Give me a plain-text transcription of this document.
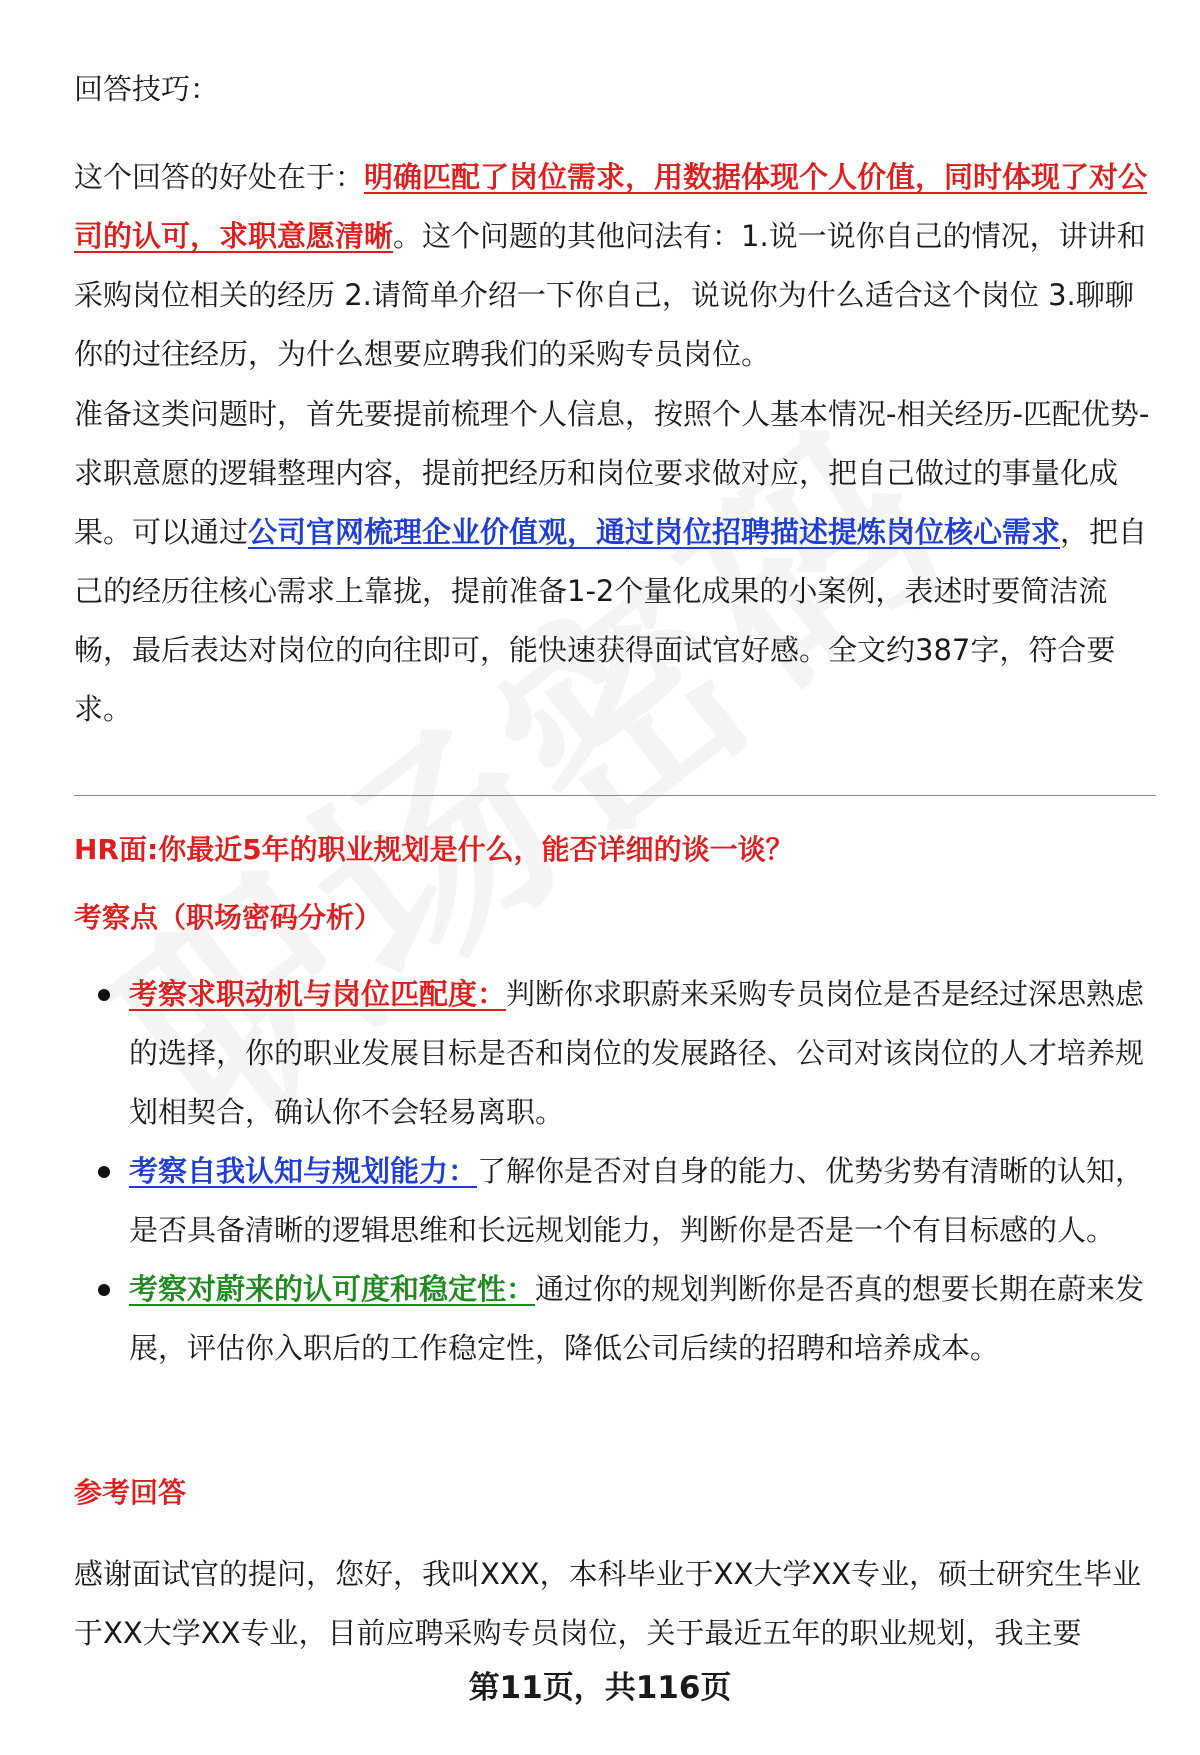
回答技巧：

这个回答的好处在于：明确匹配了岗位需求，用数据体现个人价值，同时体现了对公司的认可，求职意愿清晰。这个问题的其他问法有：1.说一说你自己的情况，讲讲和采购岗位相关的经历 2.请简单介绍一下你自己，说说你为什么适合这个岗位 3.聊聊你的过往经历，为什么想要应聘我们的采购专员岗位。

准备这类问题时，首先要提前梳理个人信息，按照个人基本情况-相关经历-匹配优势-求职意愿的逻辑整理内容，提前把经历和岗位要求做对应，把自己做过的事量化成果。可以通过公司官网梳理企业价值观，通过岗位招聘描述提炼岗位核心需求，把自己的经历往核心需求上靠拢，提前准备1-2个量化成果的小案例，表述时要简洁流畅，最后表达对岗位的向往即可，能快速获得面试官好感。全文约387字，符合要求。

HR面:你最近5年的职业规划是什么，能否详细的谈一谈？

考察点（职场密码分析）

考察求职动机与岗位匹配度：判断你求职蔚来采购专员岗位是否是经过深思熟虑的选择，你的职业发展目标是否和岗位的发展路径、公司对该岗位的人才培养规划相契合，确认你不会轻易离职。
考察自我认知与规划能力：了解你是否对自身的能力、优势劣势有清晰的认知，是否具备清晰的逻辑思维和长远规划能力，判断你是否是一个有目标感的人。
考察对蔚来的认可度和稳定性：通过你的规划判断你是否真的想要长期在蔚来发展，评估你入职后的工作稳定性，降低公司后续的招聘和培养成本。

参考回答

感谢面试官的提问，您好，我叫XXX，本科毕业于XX大学XX专业，硕士研究生毕业于XX大学XX专业，目前应聘采购专员岗位，关于最近五年的职业规划，我主要

第11页，共116页
